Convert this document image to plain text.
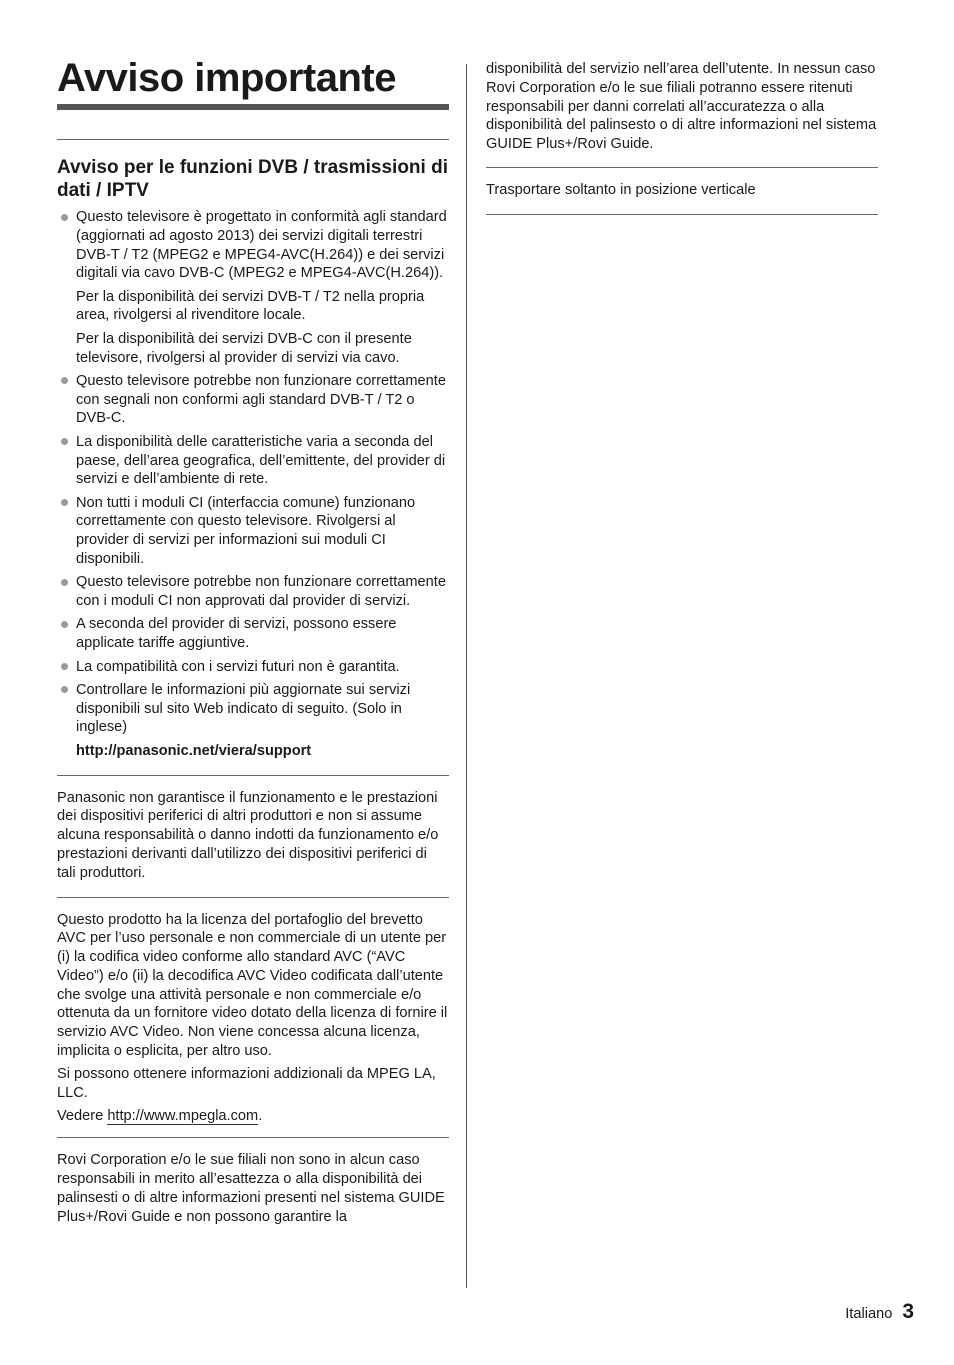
Avviso importante
Avviso per le funzioni DVB / trasmissioni di dati / IPTV
Questo televisore è progettato in conformità agli standard (aggiornati ad agosto 2013) dei servizi digitali terrestri DVB-T / T2 (MPEG2 e MPEG4-AVC(H.264)) e dei servizi digitali via cavo DVB-C (MPEG2 e MPEG4-AVC(H.264)).

Per la disponibilità dei servizi DVB-T / T2 nella propria area, rivolgersi al rivenditore locale.

Per la disponibilità dei servizi DVB-C con il presente televisore, rivolgersi al provider di servizi via cavo.

Questo televisore potrebbe non funzionare correttamente con segnali non conformi agli standard DVB-T / T2 o DVB-C.
La disponibilità delle caratteristiche varia a seconda del paese, dell’area geografica, dell’emittente, del provider di servizi e dell’ambiente di rete.
Non tutti i moduli CI (interfaccia comune) funzionano correttamente con questo televisore. Rivolgersi al provider di servizi per informazioni sui moduli CI disponibili.
Questo televisore potrebbe non funzionare correttamente con i moduli CI non approvati dal provider di servizi.
A seconda del provider di servizi, possono essere applicate tariffe aggiuntive.
La compatibilità con i servizi futuri non è garantita.
Controllare le informazioni più aggiornate sui servizi disponibili sul sito Web indicato di seguito. (Solo in inglese)
http://panasonic.net/viera/support

Panasonic non garantisce il funzionamento e le prestazioni dei dispositivi periferici di altri produttori e non si assume alcuna responsabilità o danno indotti da funzionamento e/o prestazioni derivanti dall’utilizzo dei dispositivi periferici di tali produttori.

Questo prodotto ha la licenza del portafoglio del brevetto AVC per l’uso personale e non commerciale di un utente per (i) la codifica video conforme allo standard AVC (“AVC Video”) e/o (ii) la decodifica AVC Video codificata dall’utente che svolge una attività personale e non commerciale e/o ottenuta da un fornitore video dotato della licenza di fornire il servizio AVC Video. Non viene concessa alcuna licenza, implicita o esplicita, per altro uso.

Si possono ottenere informazioni addizionali da MPEG LA, LLC.

Vedere http://www.mpegla.com.

Rovi Corporation e/o le sue filiali non sono in alcun caso responsabili in merito all’esattezza o alla disponibilità dei palinsesti o di altre informazioni presenti nel sistema GUIDE Plus+/Rovi Guide e non possono garantire la

disponibilità del servizio nell’area dell’utente. In nessun caso Rovi Corporation e/o le sue filiali potranno essere ritenuti responsabili per danni correlati all’accuratezza o alla disponibilità del palinsesto o di altre informazioni nel sistema GUIDE Plus+/Rovi Guide.

Trasportare soltanto in posizione verticale

Italiano 3
